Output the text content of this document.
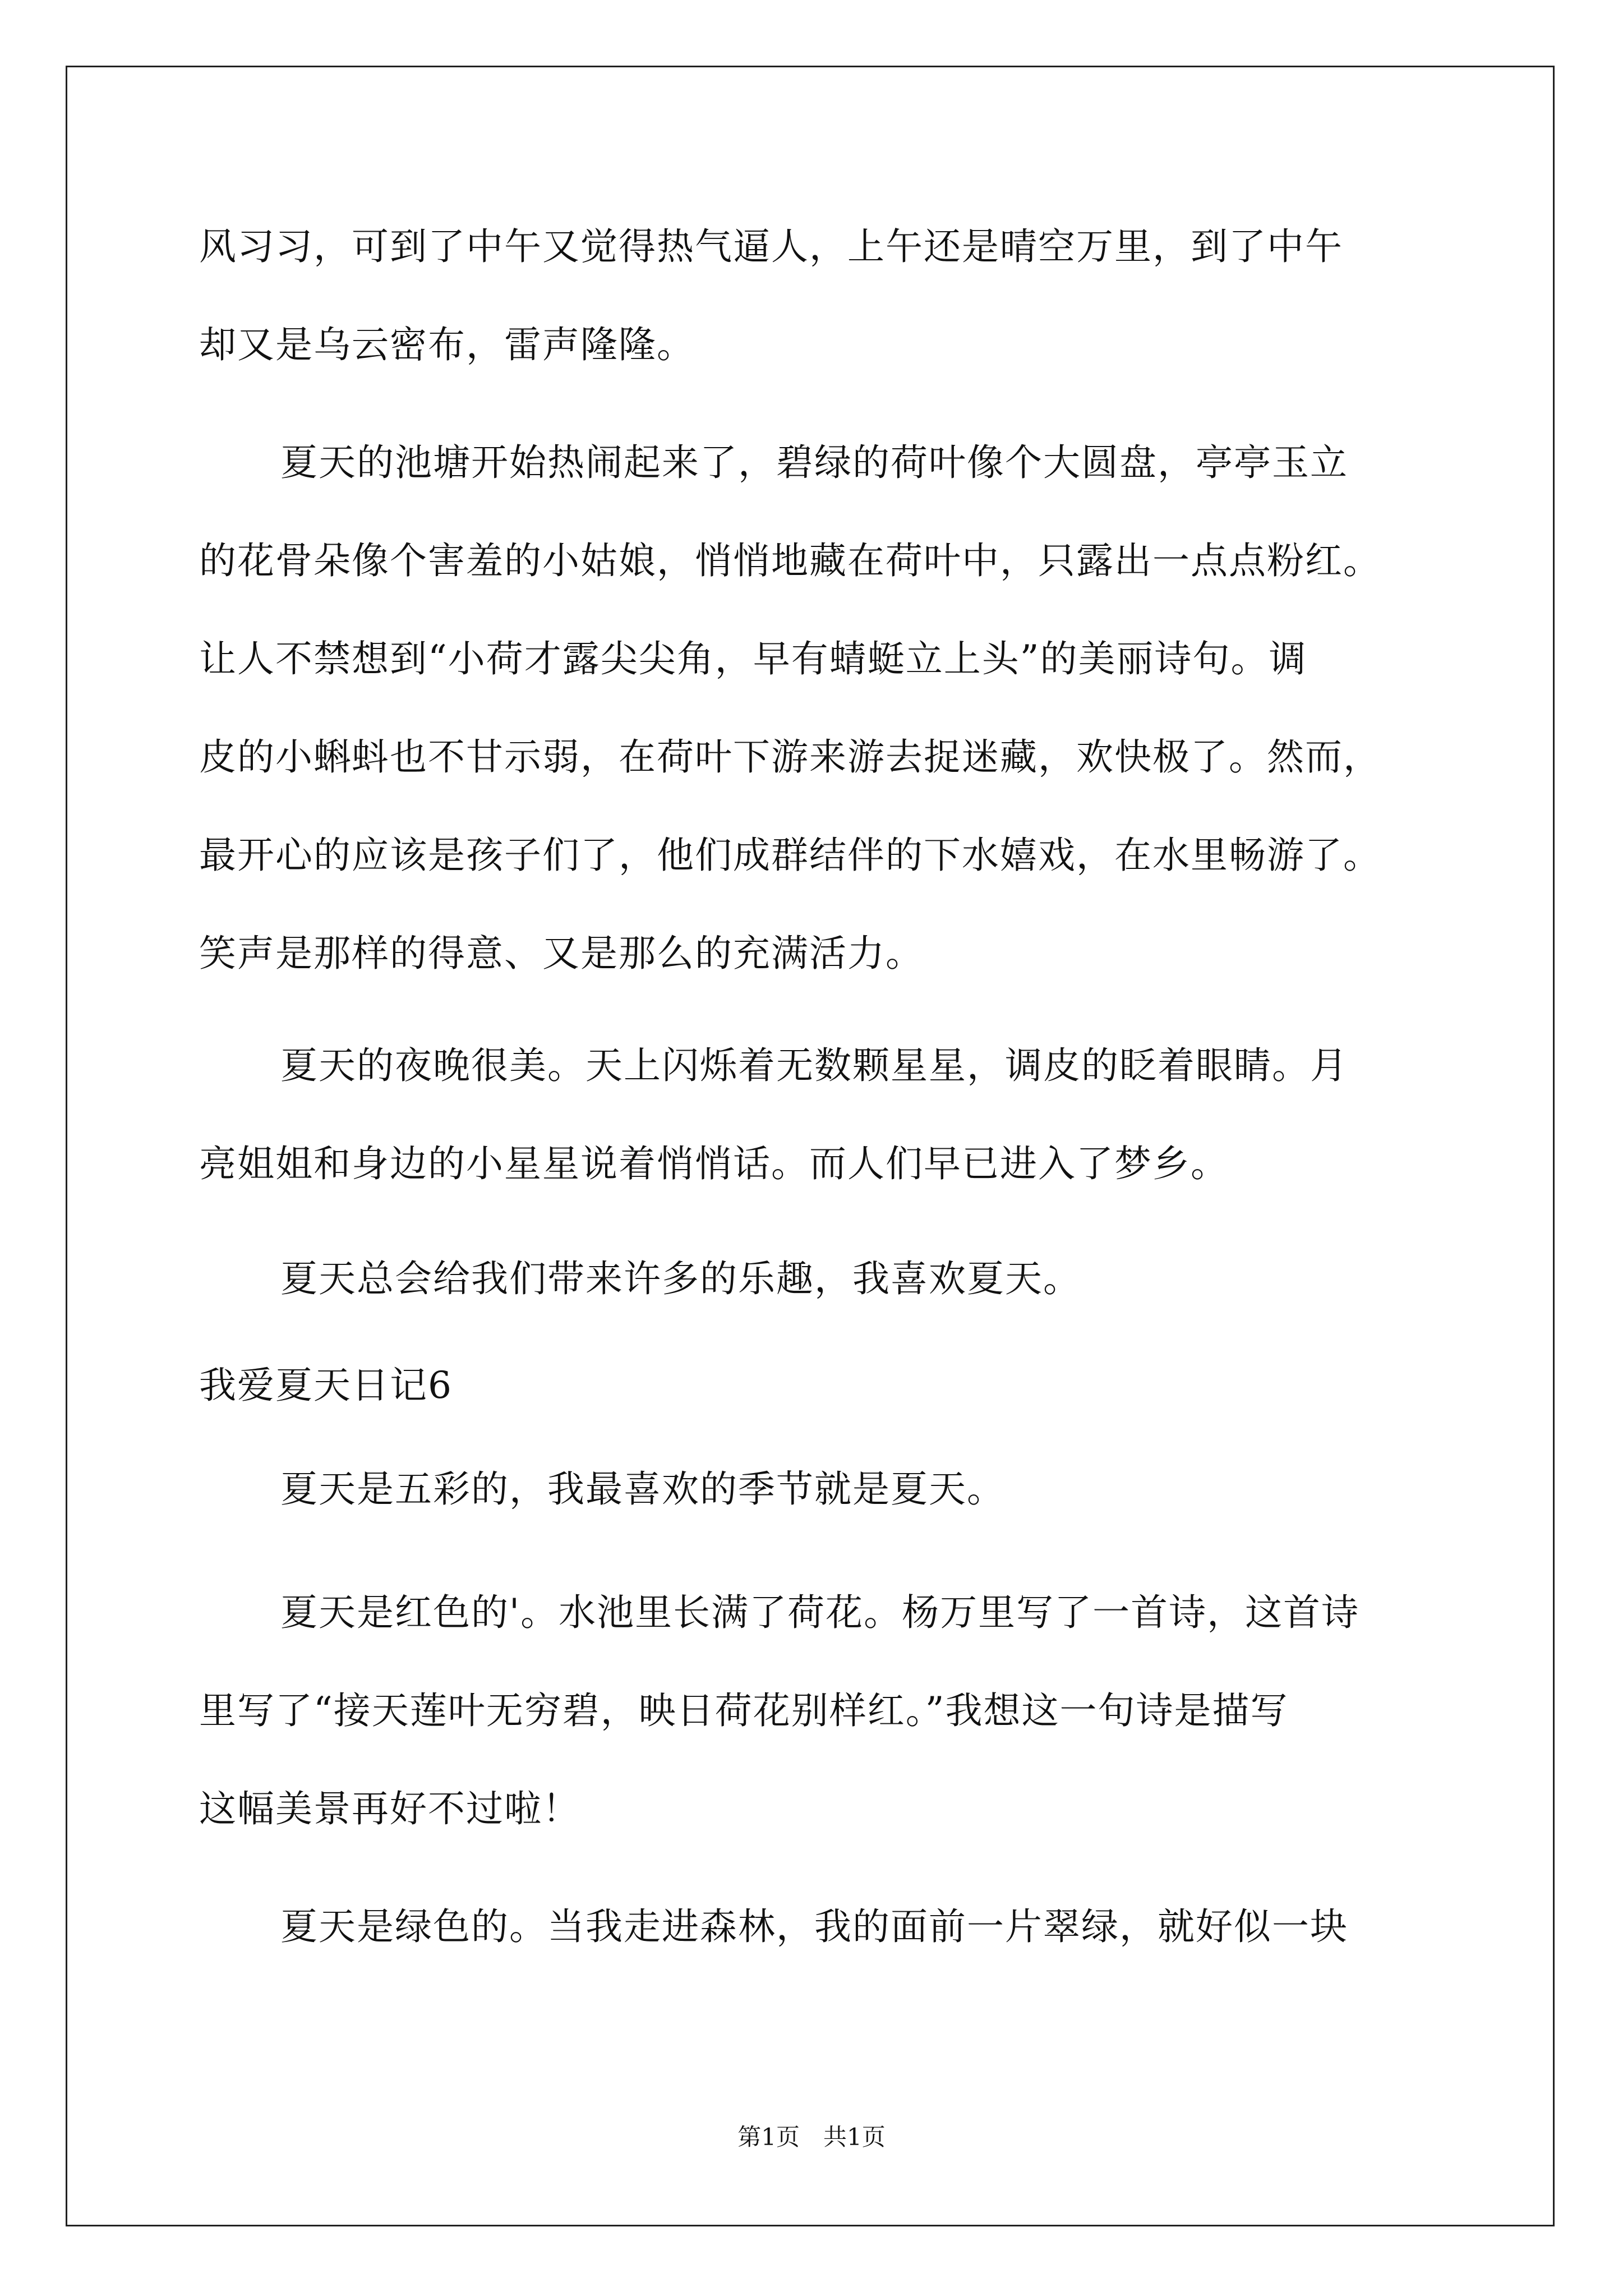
风习习，可到了中午又觉得热气逼人，上午还是晴空万里，到了中午
却又是乌云密布，雷声隆隆。
夏天的池塘开始热闹起来了，碧绿的荷叶像个大圆盘，亭亭玉立
的花骨朵像个害羞的小姑娘，悄悄地藏在荷叶中，只露出一点点粉红。
让人不禁想到“小荷才露尖尖角，早有蜻蜓立上头”的美丽诗句。调
皮的小蝌蚪也不甘示弱，在荷叶下游来游去捉迷藏，欢快极了。然而，
最开心的应该是孩子们了，他们成群结伴的下水嬉戏，在水里畅游了。
笑声是那样的得意、又是那么的充满活力。
夏天的夜晚很美。天上闪烁着无数颗星星，调皮的眨着眼睛。月
亮姐姐和身边的小星星说着悄悄话。而人们早已进入了梦乡。
夏天总会给我们带来许多的乐趣，我喜欢夏天。
我爱夏天日记6
夏天是五彩的，我最喜欢的季节就是夏天。
夏天是红色的'。水池里长满了荷花。杨万里写了一首诗，这首诗
里写了“接天莲叶无穷碧，映日荷花别样红。”我想这一句诗是描写
这幅美景再好不过啦！
夏天是绿色的。当我走进森林，我的面前一片翠绿，就好似一块
第1页　共1页
